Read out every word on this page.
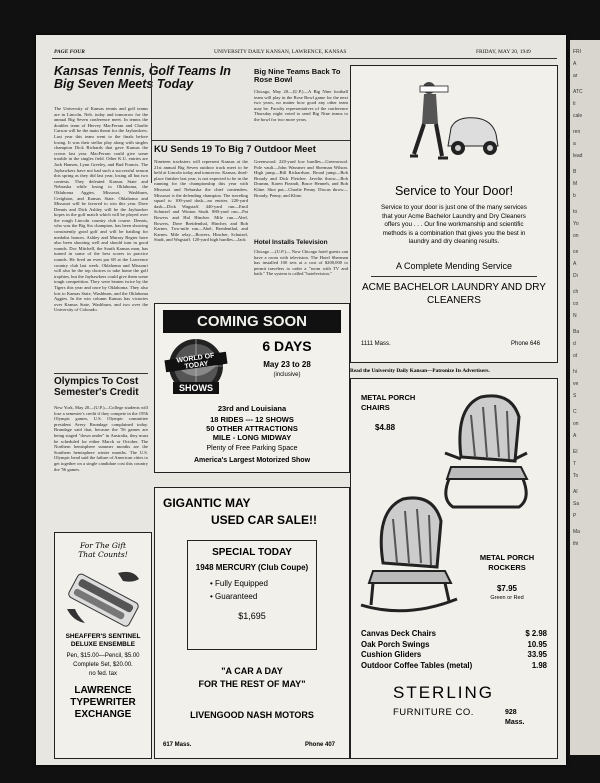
FRI
A
ar
ATC
ti
cale
ren
a
lead
B
M
b
to
Yo
on
ce
A
Di
ch
co
N
Ba
d
ot
hi
ve
S
C
on
A
El
T
To
Al
Sa
P
Ma
thi
PAGE FOUR	UNIVERSITY DAILY KANSAN, LAWRENCE, KANSAS	FRIDAY, MAY 20, 1949
Kansas Tennis, Golf Teams In Big Seven Meets Today
The University of Kansas tennis and golf teams are in Lincoln, Neb. today and tomorrow for the annual Big Seven conference meet. In tennis the doubles team of Hervey MacFerran and Charlie Carson will be the main threat for the Jayhawkers. Last year this team went to the finals before losing. It was their stellar play along with singles champion Dick Richards that gave Kansas the crown last year. MacFerran could give some trouble in the singles field. Other K.U. entries are Jack Hansen, Lynn Greeley, and Bud Francis. The Jayhawkers have not had such a successful season this spring as they did last year, losing all but two contests. They defeated Kansas State and Nebraska while losing to Oklahoma, the Oklahoma Aggies, Missouri, Washburn, Creighton, and Kansas State. Oklahoma and Missouri will be favored to win this year. Dave Dennis and Dick Ashley will be the Jayhawker hopes in the golf match which will be played over the rough Lincoln country club course. Dennis, who was the Big Six champion, has been showing consistently good golf and will be battling for medalist honors. Ashley and Murray Regier have also been shooting well and should turn in good rounds. Doc Mitchell, the South Kansas man, has turned in some of the best scores in practice rounds. He fired an even par 68 at the Lawrence country club last week. Oklahoma and Missouri will also be the top choices to take home the golf trophies, but the Jayhawkers could give them some tough competition. They were beaten twice by the Tigers this year and once by Oklahoma. They also lost to Kansas State, Washburn, and the Oklahoma Aggies. In the win column Kansas has victories over Kansas State, Washburn, and two over the University of Colorado.
Olympics To Cost Semester's Credit
New York, May 20—(U.P.)—College students will lose a semester's credit if they compete in the 1956 Olympic games, U.S. Olympic committee president Avery Brundage complained today. Brundage said that, because the '56 games are being staged "down under" in Australia, they must be scheduled for either March or October. The Northern hemisphere summer months are the Southern hemisphere winter months. The U.S. Olympic head said the failure of American cities to get together on a single candidate cost this country the '56 games.
Big Nine Teams Back To Rose Bowl
Chicago, May 20—(U.P.)—A Big Nine football team will play in the Rose Bowl game for the next two years, no matter how good any other team may be. Faculty representatives of the conference Thursday night voted to send Big Nine teams to the bowl for two more years.
KU Sends 19 To Big 7 Outdoor Meet
Nineteen tracksters will represent Kansas at the 21st annual Big Seven outdoor track meet to be held at Lincoln today and tomorrow. Kansas, third-place finisher last year, is not expected to be in the running for the championship this year with Missouri and Nebraska the chief contenders. Missouri is the defending champion. The traveling squad is: 100-yard dash—no entries. 220-yard dash—Dick Wagstaff. 440-yard run—Emil Schutzel and Winton Studt. 880-yard run—Pat Bowers and Hal Hincher. Mile run—Abel, Bowers, Dave Breidenthal, Hincher, and Bob Karnes. Two-mile run—Abel, Breidenthal, and Karnes. Mile relay—Bowers, Hincher, Schutzel, Studt, and Wagstaff. 120-yard high hurdles—Jack
Greenwood. 220-yard low hurdles—Greenwood. Pole vault—John Wassmer and Sherman Wilson. High jump—Bill Richardson. Broad jump—Bob Broady and Dick Fletcher. Javelin throw—Bob Drumm, Karen Fieandt, Bruce Henneh, and Bob Kline. Shot put—Charlie Penny. Discus throw—Broady, Penny, and Kline.
Hotel Installs Television
Chicago —(U.P.)— Now Chicago hotel guests can have a room with television. The Hotel Sherman has installed 100 sets at a cost of $200,000 to permit travelers to order a "room with TV and bath." The system is called "hotelevision."
COMING SOON
WORLD OF TODAY
SHOWS
6 DAYS
May 23 to 28
(inclusive)
23rd and Louisiana
18 RIDES --- 12 SHOWS
50 OTHER ATTRACTIONS
MILE - LONG MIDWAY
Plenty of Free Parking Space
America's Largest Motorized Show
For The Gift
That Counts!
SHEAFFER'S SENTINEL DELUXE ENSEMBLE
Pen, $15.00—Pencil, $5.00
Complete Set, $20.00.
no fed. tax
LAWRENCE TYPEWRITER EXCHANGE
GIGANTIC MAY
USED CAR SALE!!
SPECIAL TODAY
1948 MERCURY (Club Coupe)
• Fully Equipped
• Guaranteed
$1,695
"A CAR A DAY
FOR THE REST OF MAY"
LIVENGOOD NASH MOTORS
617 Mass.	Phone 407
Service to Your Door!
Service to your door is just one of the many services that your Acme Bachelor Laundry and Dry Cleaners offers you . . . Our fine workmanship and scientific methods is a combination that gives you the best in laundry and dry cleaning results.
A Complete Mending Service
ACME BACHELOR LAUNDRY AND DRY CLEANERS
1111 Mass.	Phone 646
Read the University Daily Kansan—Patronize Its Advertisers.
METAL PORCH CHAIRS
$4.88
METAL PORCH ROCKERS
$7.95
Green or Red
Canvas Deck Chairs	$ 2.98
Oak Porch Swings	10.95
Cushion Gliders	33.95
Outdoor Coffee Tables (metal)	1.98
STERLING
FURNITURE CO.	928
Mass.
